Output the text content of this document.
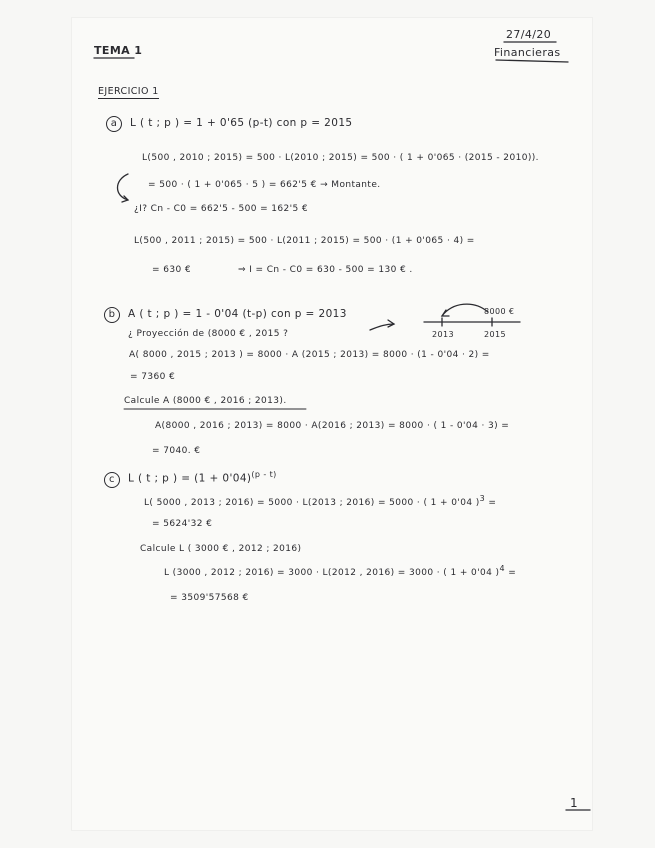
TEMA 1
27/4/20
Financieras
EJERCICIO 1
a L ( t ; p ) = 1 + 0'65 (p-t) con p = 2015
L(500 , 2010 ; 2015) = 500 · L(2010 ; 2015) = 500 · ( 1 + 0'065 · (2015 - 2010)).
= 500 · ( 1 + 0'065 · 5 ) = 662'5 € → Montante.
¿I? Cn - C0 = 662'5 - 500 = 162'5 €
L(500 , 2011 ; 2015) = 500 · L(2011 ; 2015) = 500 · (1 + 0'065 · 4) =
= 630 €	⇒ I = Cn - C0 = 630 - 500 = 130 € .
b A ( t ; p ) = 1 - 0'04 (t-p) con p = 2013
¿ Proyección de (8000 € , 2015 ?
A( 8000 , 2015 ; 2013 ) = 8000 · A (2015 ; 2013) = 8000 · (1 - 0'04 · 2) =
= 7360 €
Calcule A (8000 € , 2016 ; 2013).
A(8000 , 2016 ; 2013) = 8000 · A(2016 ; 2013) = 8000 · ( 1 - 0'04 · 3) =
= 7040. €
8000 €
2013	2015
c L ( t ; p ) = $(1 + 0'04)^{(p - t)}$
L( 5000 , 2013 ; 2016) = 5000 · L(2013 ; 2016) = 5000 · ( 1 + 0'04 )$^3$ =
= 5624'32 €
Calcule L ( 3000 € , 2012 ; 2016)
L (3000 , 2012 ; 2016) = 3000 · L(2012 , 2016) = 3000 · ( 1 + 0'04 )$^4$ =
= 3509'57568 €
1
